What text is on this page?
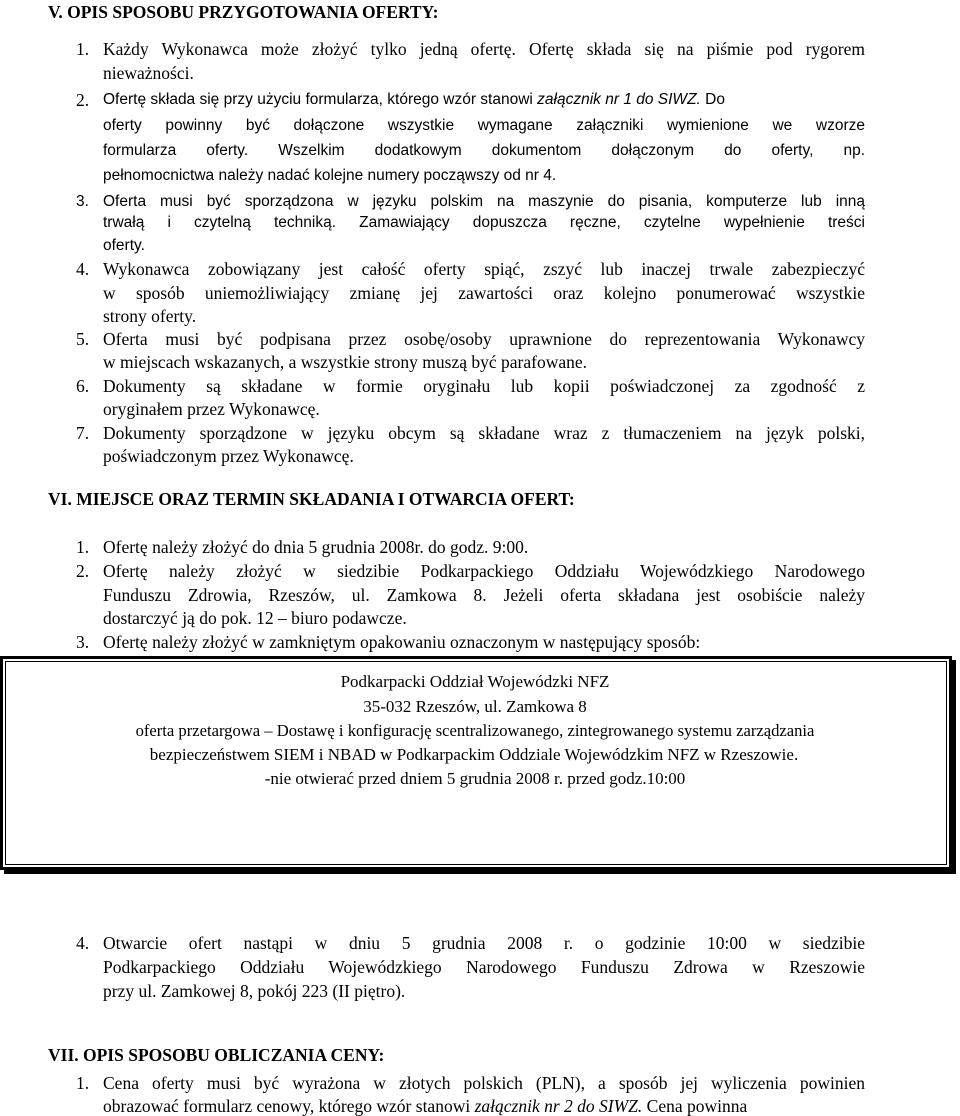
V. OPIS SPOSOBU PRZYGOTOWANIA OFERTY:
1. Każdy Wykonawca może złożyć tylko jedną ofertę. Ofertę składa się na piśmie pod rygorem
nieważności.
2. Ofertę składa się przy użyciu formularza, którego wzór stanowi załącznik nr 1 do SIWZ. Do
oferty powinny być dołączone wszystkie wymagane załączniki wymienione we wzorze
formularza oferty. Wszelkim dodatkowym dokumentom dołączonym do oferty, np.
pełnomocnictwa należy nadać kolejne numery począwszy od nr 4.
3. Oferta musi być sporządzona w języku polskim na maszynie do pisania, komputerze lub inną
trwałą i czytelną techniką. Zamawiający dopuszcza ręczne, czytelne wypełnienie treści
oferty.
4. Wykonawca zobowiązany jest całość oferty spiąć, zszyć lub inaczej trwale zabezpieczyć
w sposób uniemożliwiający zmianę jej zawartości oraz kolejno ponumerować wszystkie
strony oferty.
5. Oferta musi być podpisana przez osobę/osoby uprawnione do reprezentowania Wykonawcy
w miejscach wskazanych, a wszystkie strony muszą być parafowane.
6. Dokumenty są składane w formie oryginału lub kopii poświadczonej za zgodność z
oryginałem przez Wykonawcę.
7. Dokumenty sporządzone w języku obcym są składane wraz z tłumaczeniem na język polski,
poświadczonym przez Wykonawcę.
VI. MIEJSCE ORAZ TERMIN SKŁADANIA I OTWARCIA OFERT:
1. Ofertę należy złożyć do dnia 5 grudnia 2008r. do godz. 9:00.
2. Ofertę należy złożyć w siedzibie Podkarpackiego Oddziału Wojewódzkiego Narodowego
Funduszu Zdrowia, Rzeszów, ul. Zamkowa 8. Jeżeli oferta składana jest osobiście należy
dostarczyć ją do pok. 12 – biuro podawcze.
3. Ofertę należy złożyć w zamkniętym opakowaniu oznaczonym w następujący sposób:
Podkarpacki Oddział Wojewódzki NFZ
35-032 Rzeszów, ul. Zamkowa 8
oferta przetargowa – Dostawę i konfigurację scentralizowanego, zintegrowanego systemu zarządzania
bezpieczeństwem SIEM i NBAD w Podkarpackim Oddziale Wojewódzkim NFZ w Rzeszowie.
-nie otwierać przed dniem 5 grudnia 2008 r. przed godz.10:00
4. Otwarcie ofert nastąpi w dniu 5 grudnia 2008 r. o godzinie 10:00 w siedzibie
Podkarpackiego Oddziału Wojewódzkiego Narodowego Funduszu Zdrowa w Rzeszowie
przy ul. Zamkowej 8, pokój 223 (II piętro).
VII. OPIS SPOSOBU OBLICZANIA CENY:
1. Cena oferty musi być wyrażona w złotych polskich (PLN), a sposób jej wyliczenia powinien
obrazować formularz cenowy, którego wzór stanowi załącznik nr 2 do SIWZ. Cena powinna
